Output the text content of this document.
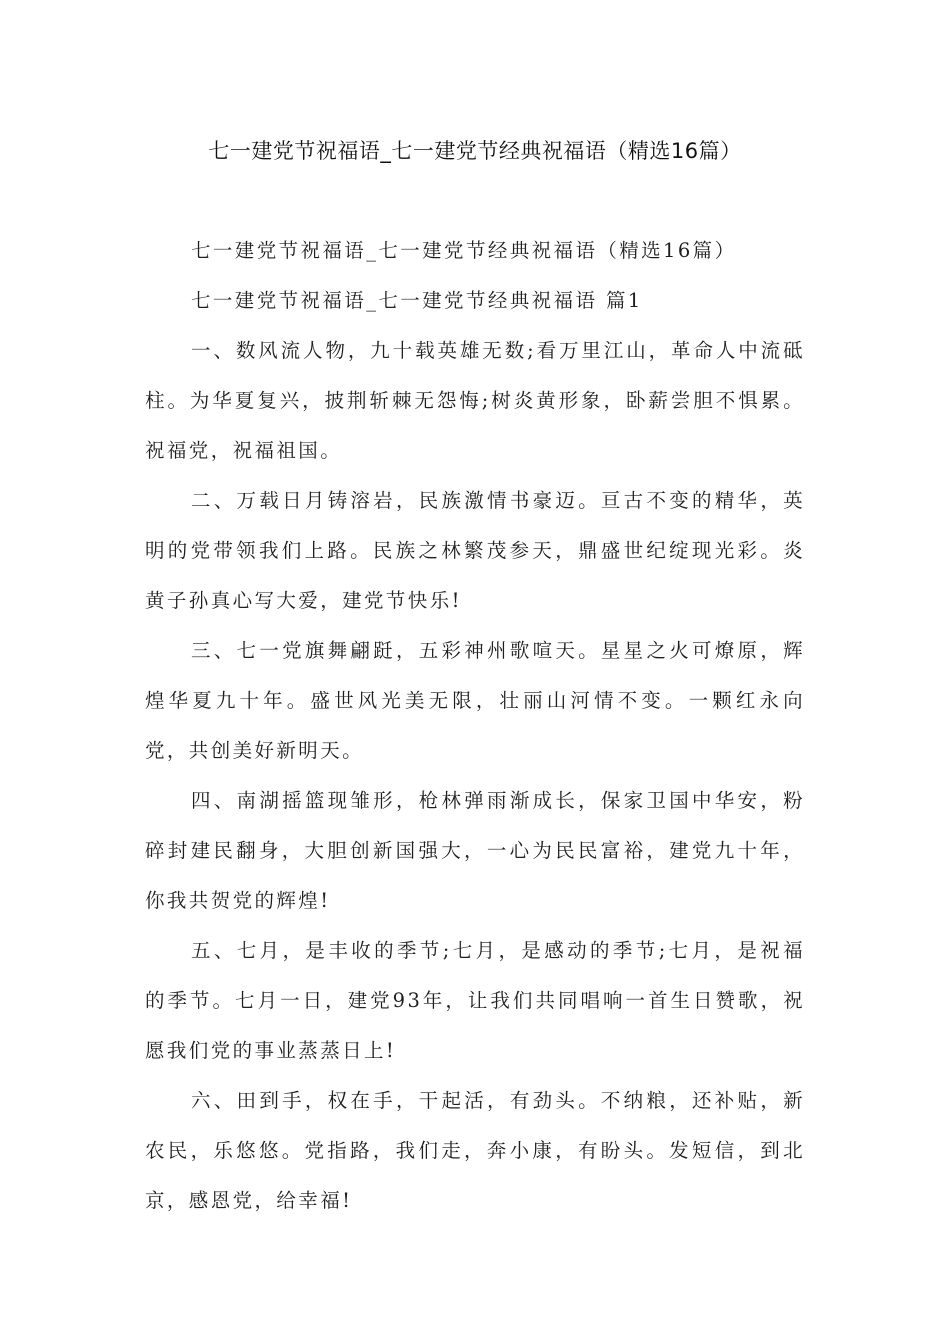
七一建党节祝福语_七一建党节经典祝福语（精选16篇）
七一建党节祝福语_七一建党节经典祝福语（精选16篇）
七一建党节祝福语_七一建党节经典祝福语 篇1
一、数风流人物，九十载英雄无数;看万里江山，革命人中流砥
柱。为华夏复兴，披荆斩棘无怨悔;树炎黄形象，卧薪尝胆不惧累。
祝福党，祝福祖国。
二、万载日月铸溶岩，民族激情书豪迈。亘古不变的精华，英
明的党带领我们上路。民族之林繁茂参天，鼎盛世纪绽现光彩。炎
黄子孙真心写大爱，建党节快乐!
三、七一党旗舞翩跹，五彩神州歌喧天。星星之火可燎原，辉
煌华夏九十年。盛世风光美无限，壮丽山河情不变。一颗红永向
党，共创美好新明天。
四、南湖摇篮现雏形，枪林弹雨渐成长，保家卫国中华安，粉
碎封建民翻身，大胆创新国强大，一心为民民富裕，建党九十年，
你我共贺党的辉煌!
五、七月，是丰收的季节;七月，是感动的季节;七月，是祝福
的季节。七月一日，建党93年，让我们共同唱响一首生日赞歌，祝
愿我们党的事业蒸蒸日上!
六、田到手，权在手，干起活，有劲头。不纳粮，还补贴，新
农民，乐悠悠。党指路，我们走，奔小康，有盼头。发短信，到北
京，感恩党，给幸福!
